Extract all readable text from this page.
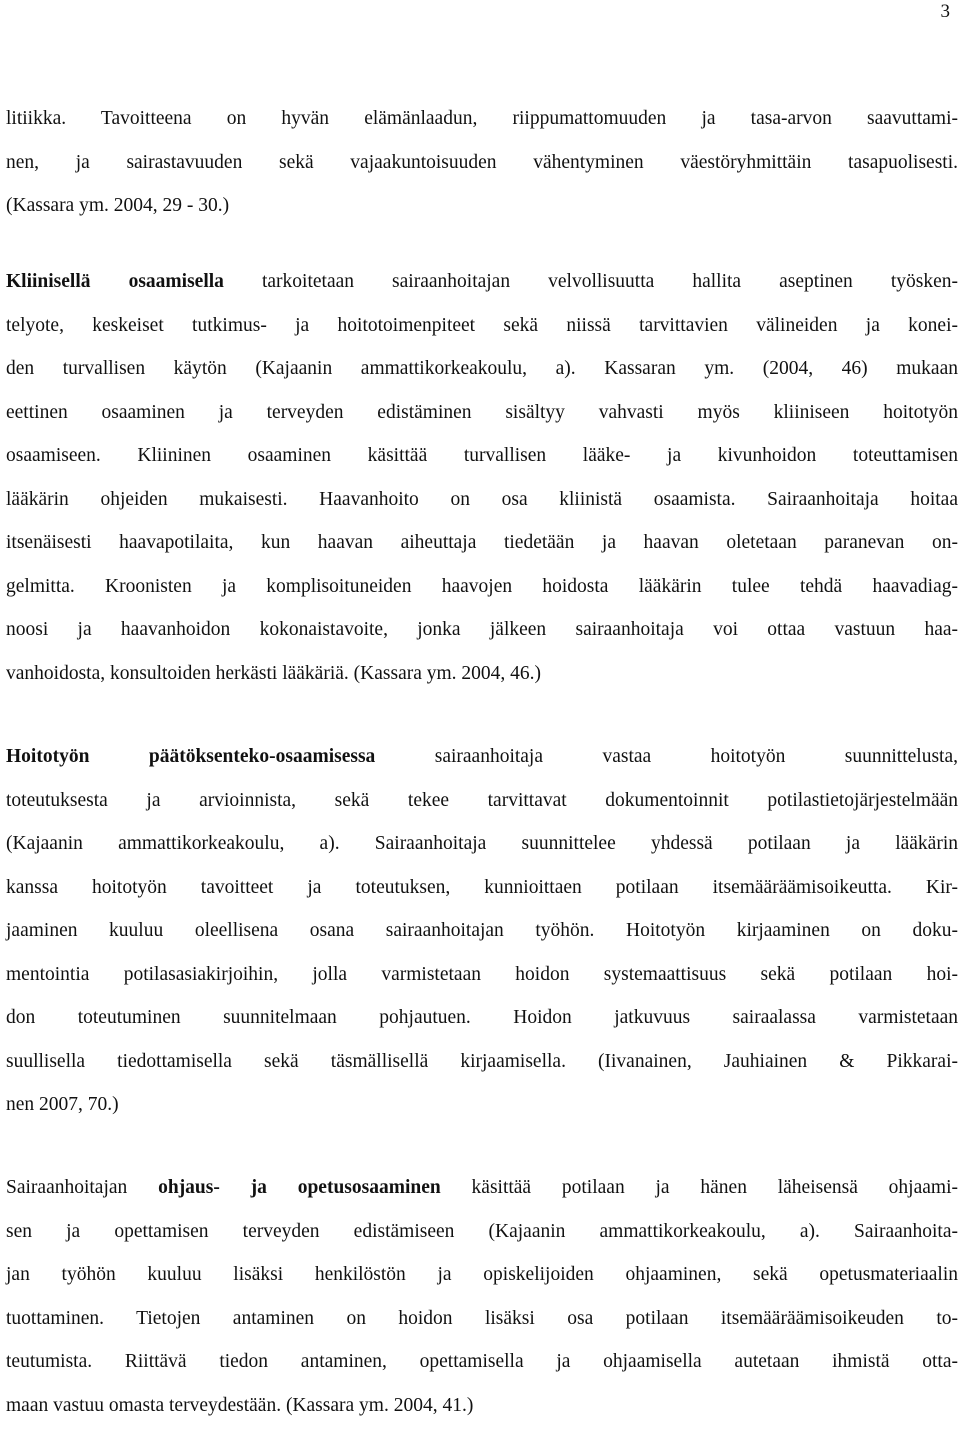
3
litiikka. Tavoitteena on hyvän elämänlaadun, riippumattomuuden ja tasa-arvon saavuttami-
nen, ja sairastavuuden sekä vajaakuntoisuuden vähentyminen väestöryhmittäin tasapuolisesti.
(Kassara ym. 2004, 29 - 30.)
Kliinisellä osaamisella tarkoitetaan sairaanhoitajan velvollisuutta hallita aseptinen työsken-
telyote, keskeiset tutkimus- ja hoitotoimenpiteet sekä niissä tarvittavien välineiden ja konei-
den turvallisen käytön (Kajaanin ammattikorkeakoulu, a). Kassaran ym. (2004, 46) mukaan
eettinen osaaminen ja terveyden edistäminen sisältyy vahvasti myös kliiniseen hoitotyön
osaamiseen. Kliininen osaaminen käsittää turvallisen lääke- ja kivunhoidon toteuttamisen
lääkärin ohjeiden mukaisesti. Haavanhoito on osa kliinistä osaamista. Sairaanhoitaja hoitaa
itsenäisesti haavapotilaita, kun haavan aiheuttaja tiedetään ja haavan oletetaan paranevan on-
gelmitta. Kroonisten ja komplisoituneiden haavojen hoidosta lääkärin tulee tehdä haavadiag-
noosi ja haavanhoidon kokonaistavoite, jonka jälkeen sairaanhoitaja voi ottaa vastuun haa-
vanhoidosta, konsultoiden herkästi lääkäriä. (Kassara ym. 2004, 46.)
Hoitotyön päätöksenteko-osaamisessa sairaanhoitaja vastaa hoitotyön suunnittelusta,
toteutuksesta ja arvioinnista, sekä tekee tarvittavat dokumentoinnit potilastietojärjestelmään
(Kajaanin ammattikorkeakoulu, a). Sairaanhoitaja suunnittelee yhdessä potilaan ja lääkärin
kanssa hoitotyön tavoitteet ja toteutuksen, kunnioittaen potilaan itsemääräämisoikeutta. Kir-
jaaminen kuuluu oleellisena osana sairaanhoitajan työhön. Hoitotyön kirjaaminen on doku-
mentointia potilasasiakirjoihin, jolla varmistetaan hoidon systemaattisuus sekä potilaan hoi-
don toteutuminen suunnitelmaan pohjautuen. Hoidon jatkuvuus sairaalassa varmistetaan
suullisella tiedottamisella sekä täsmällisellä kirjaamisella. (Iivanainen, Jauhiainen & Pikkarai-
nen 2007, 70.)
Sairaanhoitajan ohjaus- ja opetusosaaminen käsittää potilaan ja hänen läheisensä ohjaami-
sen ja opettamisen terveyden edistämiseen (Kajaanin ammattikorkeakoulu, a). Sairaanhoita-
jan työhön kuuluu lisäksi henkilöstön ja opiskelijoiden ohjaaminen, sekä opetusmateriaalin
tuottaminen. Tietojen antaminen on hoidon lisäksi osa potilaan itsemääräämisoikeuden to-
teutumista. Riittävä tiedon antaminen, opettamisella ja ohjaamisella autetaan ihmistä otta-
maan vastuu omasta terveydestään. (Kassara ym. 2004, 41.)
